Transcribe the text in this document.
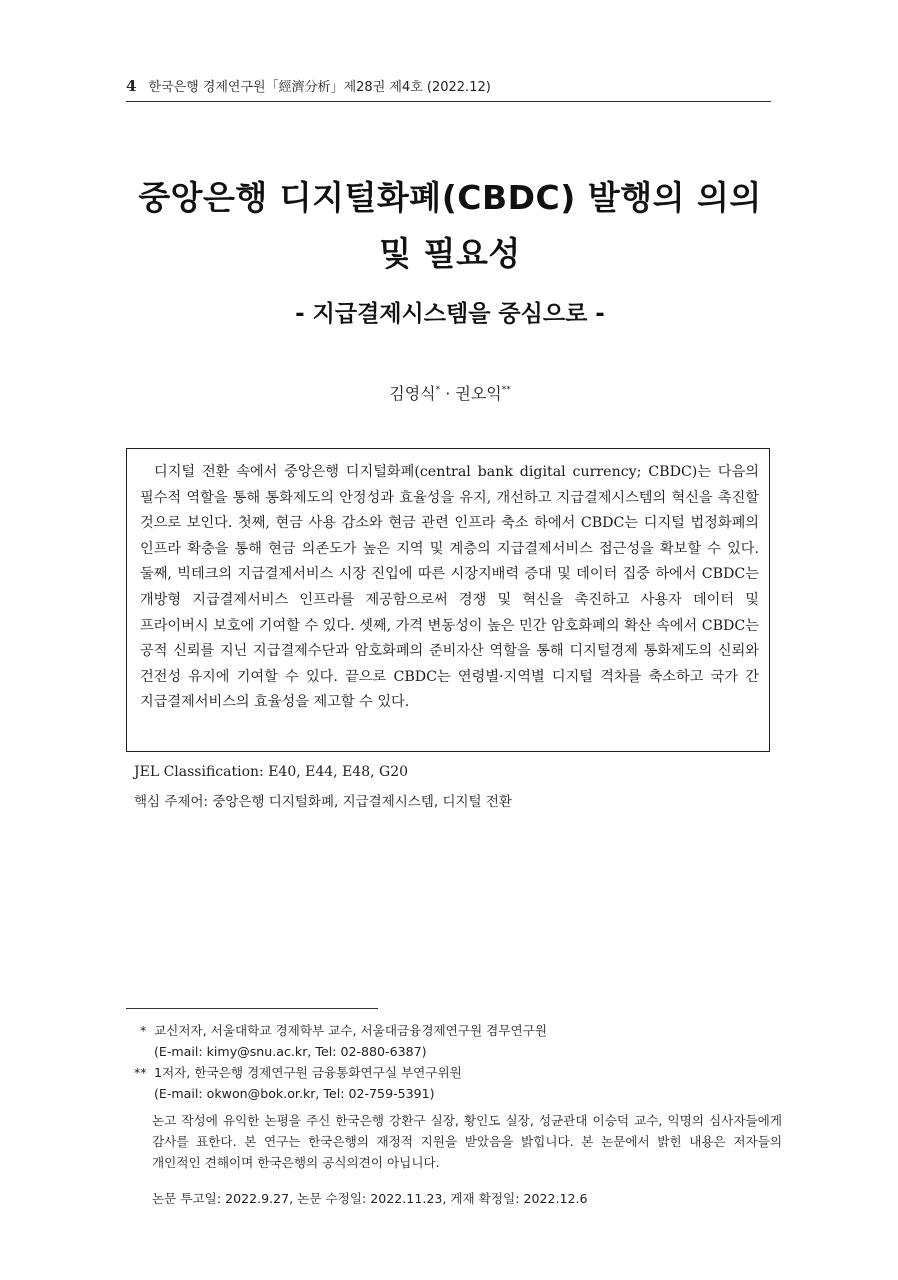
4 한국은행 경제연구원「經濟分析」제28권 제4호 (2022.12)
중앙은행 디지털화폐(CBDC) 발행의 의의
및 필요성
- 지급결제시스템을 중심으로 -
김영식* · 권오익**

디지털 전환 속에서 중앙은행 디지털화폐(central bank digital currency; CBDC)는 다음의 필수적 역할을 통해 통화제도의 안정성과 효율성을 유지, 개선하고 지급결제시스템의 혁신을 촉진할 것으로 보인다. 첫째, 현금 사용 감소와 현금 관련 인프라 축소 하에서 CBDC는 디지털 법정화폐의 인프라 확충을 통해 현금 의존도가 높은 지역 및 계층의 지급결제서비스 접근성을 확보할 수 있다. 둘째, 빅테크의 지급결제서비스 시장 진입에 따른 시장지배력 증대 및 데이터 집중 하에서 CBDC는 개방형 지급결제서비스 인프라를 제공함으로써 경쟁 및 혁신을 촉진하고 사용자 데이터 및 프라이버시 보호에 기여할 수 있다. 셋째, 가격 변동성이 높은 민간 암호화폐의 확산 속에서 CBDC는 공적 신뢰를 지닌 지급결제수단과 암호화폐의 준비자산 역할을 통해 디지털경제 통화제도의 신뢰와 건전성 유지에 기여할 수 있다. 끝으로 CBDC는 연령별·지역별 디지털 격차를 축소하고 국가 간 지급결제서비스의 효율성을 제고할 수 있다.

JEL Classification: E40, E44, E48, G20
핵심 주제어: 중앙은행 디지털화폐, 지급결제시스템, 디지털 전환
* 교신저자, 서울대학교 경제학부 교수, 서울대금융경제연구원 겸무연구원
(E-mail: kimy@snu.ac.kr, Tel: 02-880-6387)
** 1저자, 한국은행 경제연구원 금융통화연구실 부연구위원
(E-mail: okwon@bok.or.kr, Tel: 02-759-5391)
논고 작성에 유익한 논평을 주신 한국은행 강환구 실장, 황인도 실장, 성균관대 이승덕 교수, 익명의 심사자들에게 감사를 표한다. 본 연구는 한국은행의 재정적 지원을 받았음을 밝힙니다. 본 논문에서 밝힌 내용은 저자들의 개인적인 견해이며 한국은행의 공식의견이 아닙니다.
논문 투고일: 2022.9.27, 논문 수정일: 2022.11.23, 게재 확정일: 2022.12.6
